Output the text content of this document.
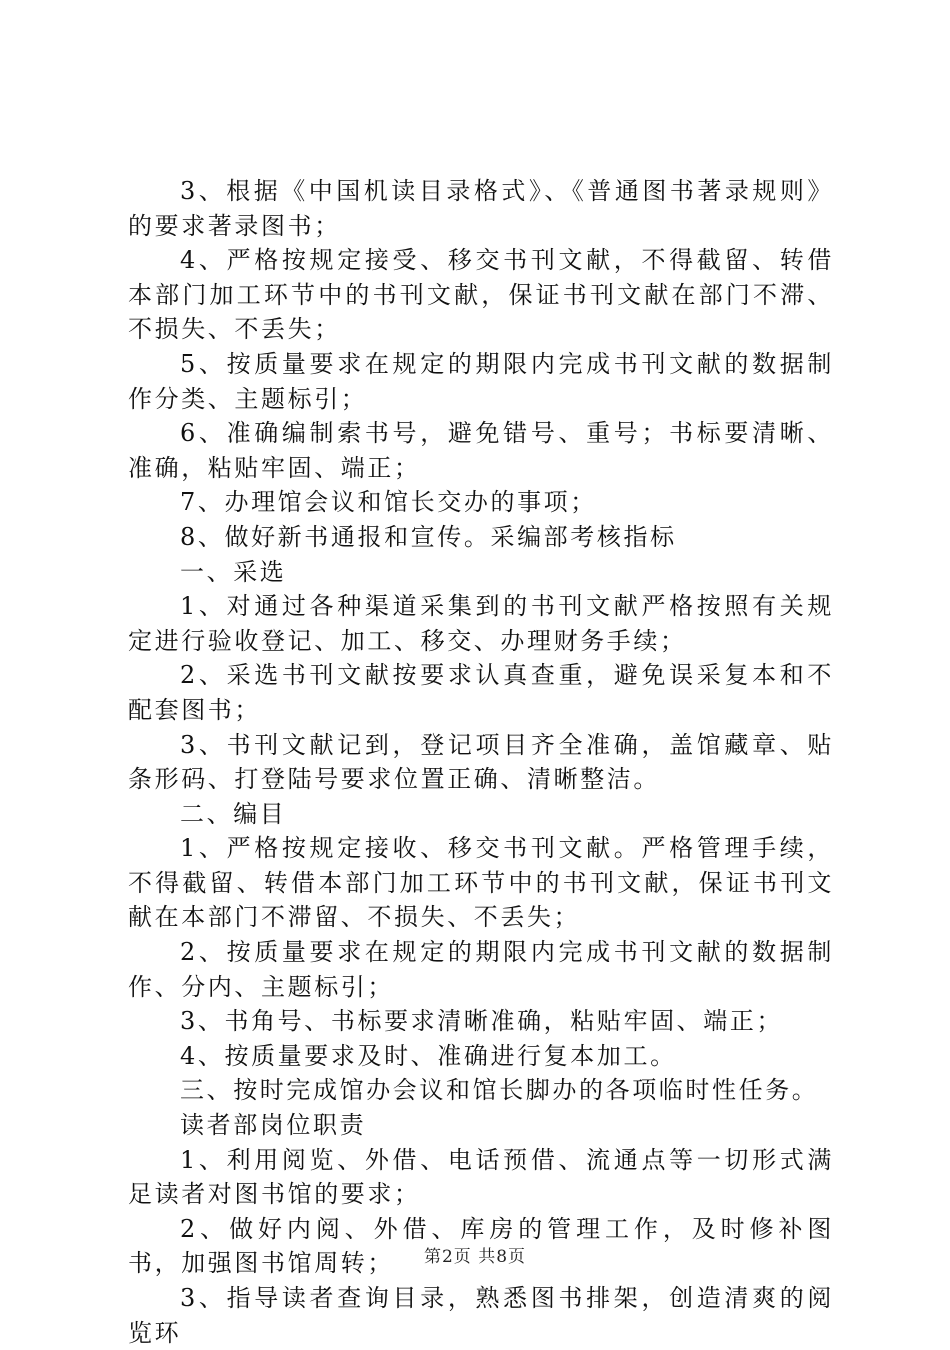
3、根据《中国机读目录格式》、《普通图书著录规则》的要求著录图书；

4、严格按规定接受、移交书刊文献，不得截留、转借本部门加工环节中的书刊文献，保证书刊文献在部门不滞、不损失、不丢失；

5、按质量要求在规定的期限内完成书刊文献的数据制作分类、主题标引；

6、准确编制索书号，避免错号、重号；书标要清晰、准确，粘贴牢固、端正；

7、办理馆会议和馆长交办的事项；

8、做好新书通报和宣传。采编部考核指标

一、采选

1、对通过各种渠道采集到的书刊文献严格按照有关规定进行验收登记、加工、移交、办理财务手续；

2、采选书刊文献按要求认真查重，避免误采复本和不配套图书；

3、书刊文献记到，登记项目齐全准确，盖馆藏章、贴条形码、打登陆号要求位置正确、清晰整洁。

二、编目

1、严格按规定接收、移交书刊文献。严格管理手续，不得截留、转借本部门加工环节中的书刊文献，保证书刊文献在本部门不滞留、不损失、不丢失；

2、按质量要求在规定的期限内完成书刊文献的数据制作、分内、主题标引；

3、书角号、书标要求清晰准确，粘贴牢固、端正；

4、按质量要求及时、准确进行复本加工。

三、按时完成馆办会议和馆长脚办的各项临时性任务。

读者部岗位职责

1、利用阅览、外借、电话预借、流通点等一切形式满足读者对图书馆的要求；

2、做好内阅、外借、库房的管理工作，及时修补图书，加强图书馆周转；

3、指导读者查询目录，熟悉图书排架，创造清爽的阅览环

第2页 共8页
